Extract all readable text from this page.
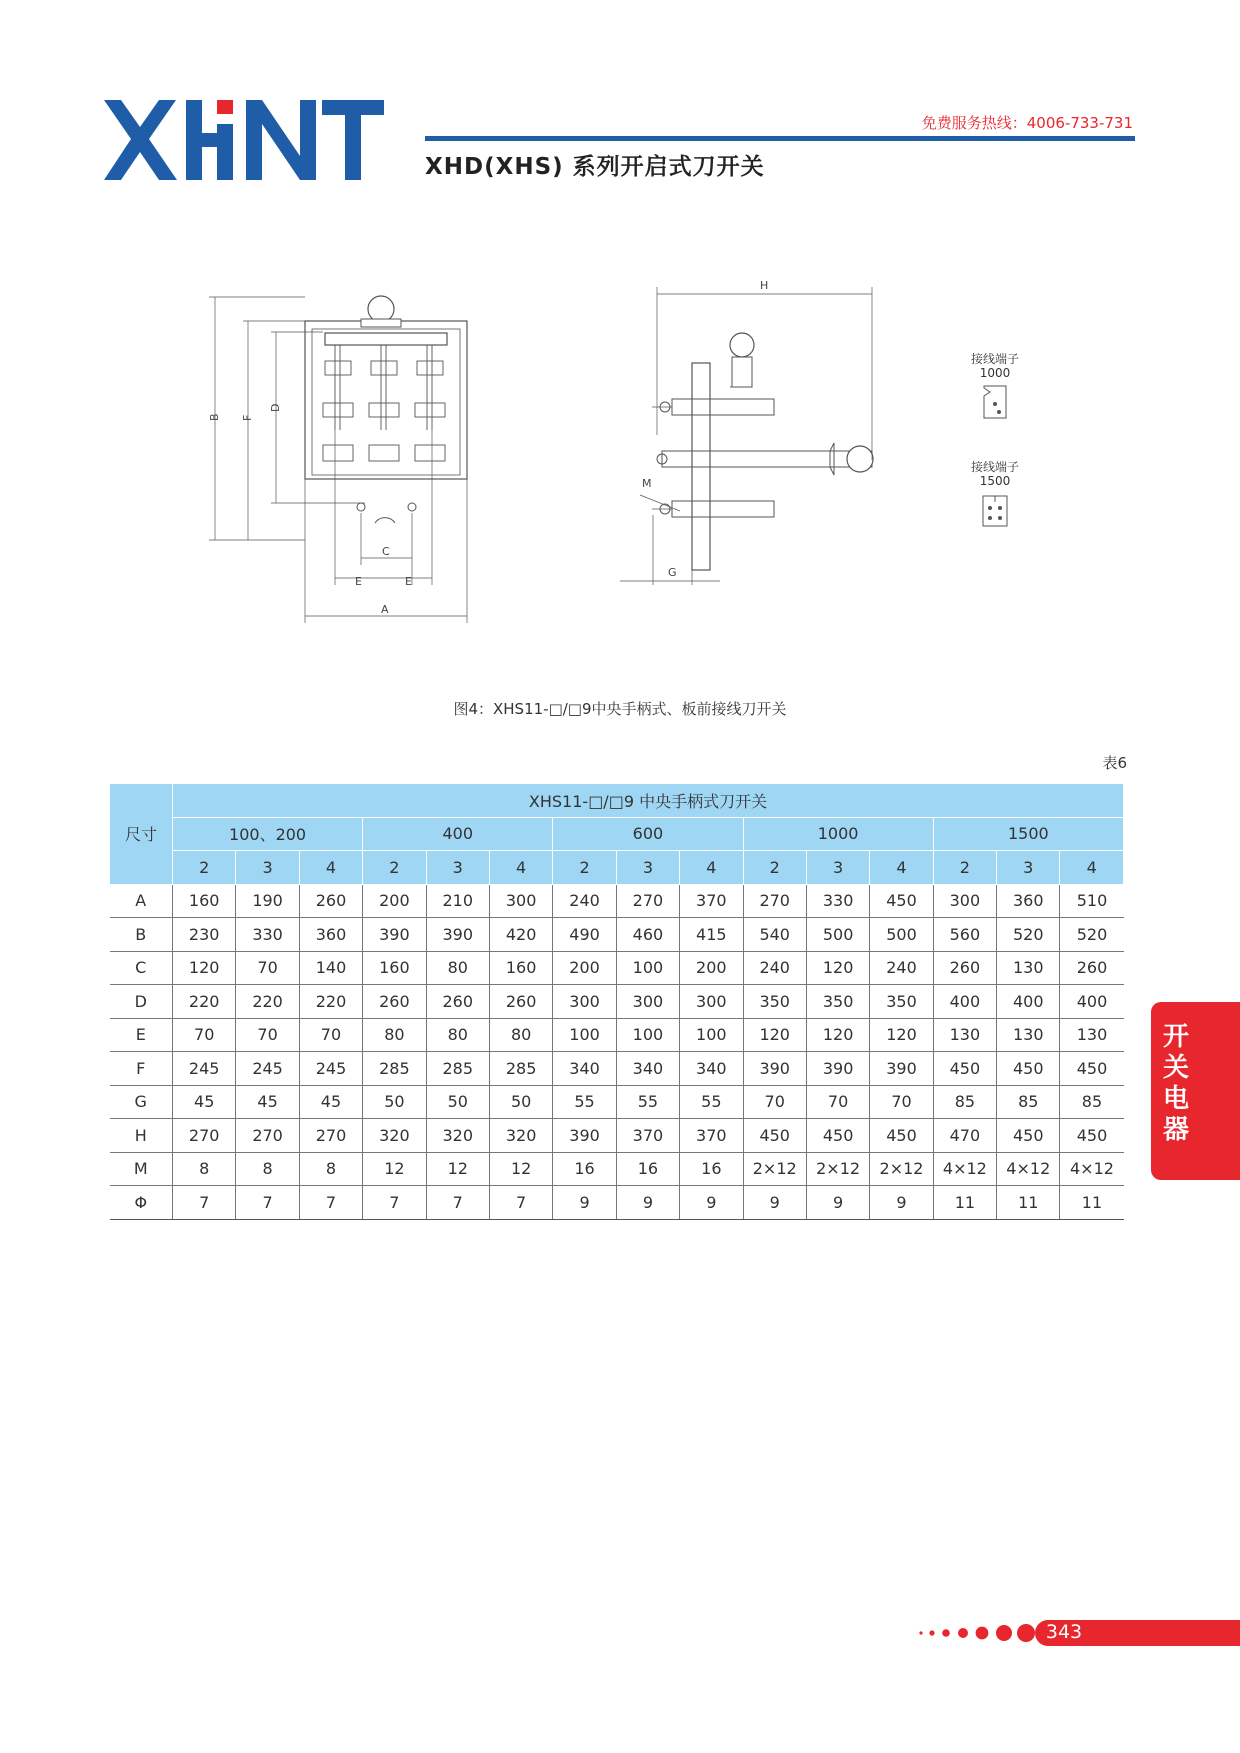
免费服务热线：4006-733-731
XHD(XHS) 系列开启式刀开关
B F
D
C
E	E
A
H
M
G
接线端子
1000
接线端子
1500
图4：XHS11-□/□9中央手柄式、板前接线刀开关
表6
尺寸	XHS11-□/□9 中央手柄式刀开关														
	100、200			400			600			1000			1500		
	2	3	4	2	3	4	2	3	4	2	3	4	2	3	4
A	160	190	260	200	210	300	240	270	370	270	330	450	300	360	510
B	230	330	360	390	390	420	490	460	415	540	500	500	560	520	520
C	120	70	140	160	80	160	200	100	200	240	120	240	260	130	260
D	220	220	220	260	260	260	300	300	300	350	350	350	400	400	400
E	70	70	70	80	80	80	100	100	100	120	120	120	130	130	130
F	245	245	245	285	285	285	340	340	340	390	390	390	450	450	450
G	45	45	45	50	50	50	55	55	55	70	70	70	85	85	85
H	270	270	270	320	320	320	390	370	370	450	450	450	470	450	450
M	8	8	8	12	12	12	16	16	16	2×12	2×12	2×12	4×12	4×12	4×12
Φ	7	7	7	7	7	7	9	9	9	9	9	9	11	11	11
开
关
电
器
343
